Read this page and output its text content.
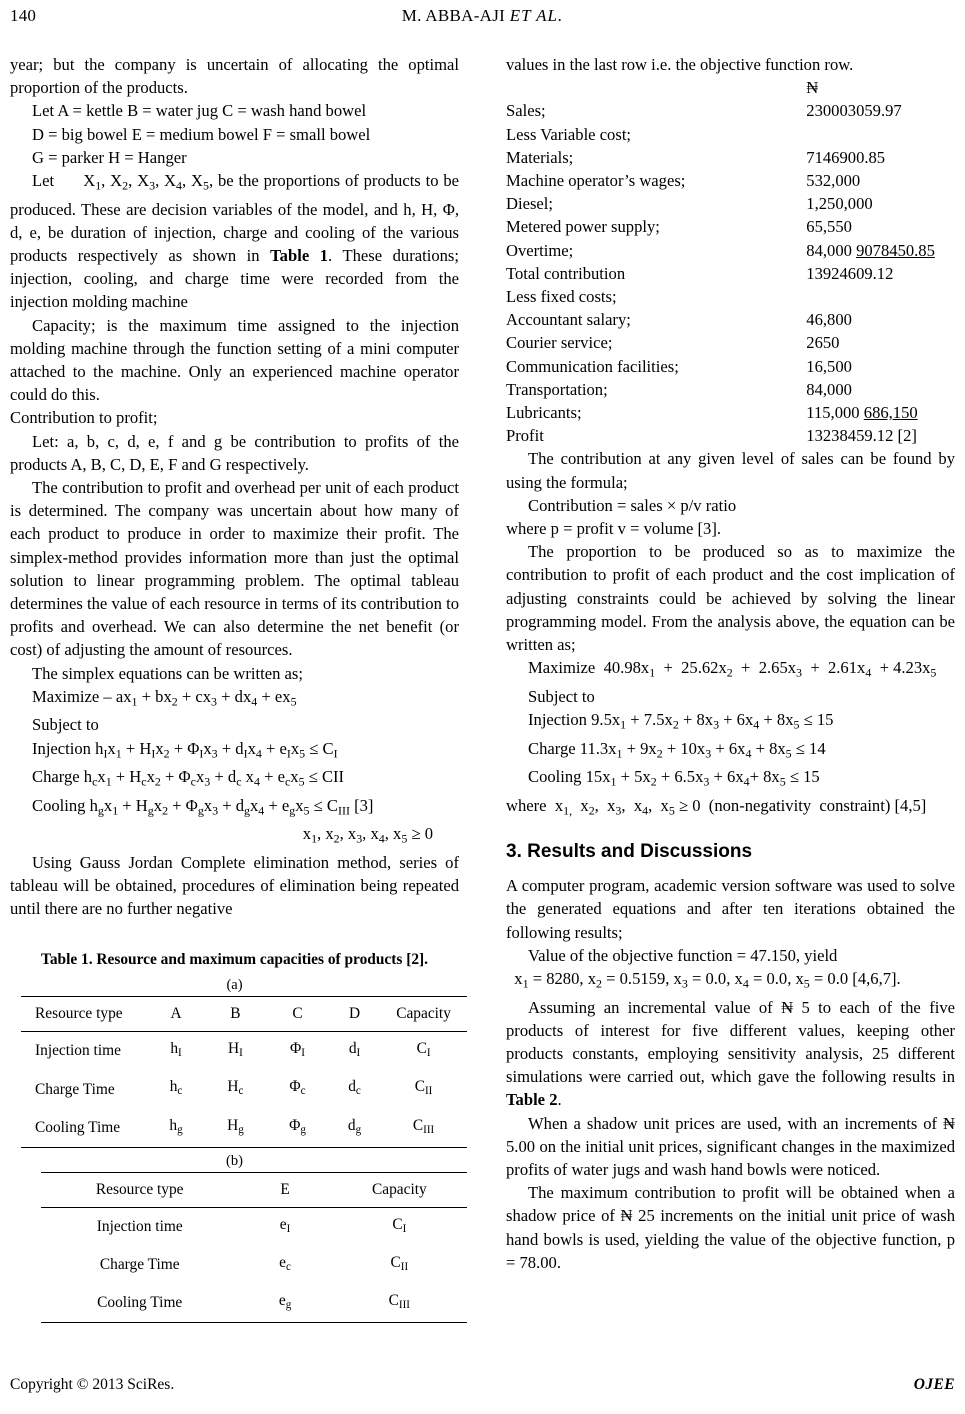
140	M. ABBA-AJI ET AL.

year; but the company is uncertain of allocating the optimal proportion of the products.

Let A = kettle B = water jug C = wash hand bowel

D = big bowel E = medium bowel F = small bowel

G = parker H = Hanger

Let $X_1$, $X_2$, $X_3$, $X_4$, $X_5$, be the proportions of products to be produced. These are decision variables of the model, and h, H, Φ, d, e, be duration of injection, charge and cooling of the various products respectively as shown in Table 1. These durations; injection, cooling, and charge time were recorded from the injection molding machine

Capacity; is the maximum time assigned to the injection molding machine through the function setting of a mini computer attached to the machine. Only an experienced machine operator could do this.

Contribution to profit;

Let: a, b, c, d, e, f and g be contribution to profits of the products A, B, C, D, E, F and G respectively.

The contribution to profit and overhead per unit of each product is determined. The company was uncertain about how many of each product to produce in order to maximize their profit. The simplex-method provides information more than just the optimal solution to linear programming problem. The optimal tableau determines the value of each resource in terms of its contribution to profits and overhead. We can also determine the net benefit (or cost) of adjusting the amount of resources.

The simplex equations can be written as;

Maximize – $ax_1 + bx_2 + cx_3 + dx_4 + ex_5$

Subject to

Injection $h_Ix_1 + H_Ix_2 + \Phi_Ix_3 + d_Ix_4 + e_Ix_5 \le C_I$

Charge $h_cx_1 + H_cx_2 + \Phi_cx_3 + d_c$ $x_4 + e_cx_5$ ≤ CII

Cooling $h_gx_1 + H_gx_2 + \Phi_gx_3 + d_gx_4 + e_gx_5 \le C_{III}$ [3]

$x_1$, $x_2$, $x_3$, $x_4$, $x_5 \ge 0$

Using Gauss Jordan Complete elimination method, series of tableau will be obtained, procedures of elimination being repeated until there are no further negative

Table 1. Resource and maximum capacities of products [2].
(a)
Resource type	A	B	C	D	Capacity
Injection time	$h_I$	$H_I$	$\Phi_I$	$d_I$	$C_I$
Charge Time	$h_c$	$H_c$	$\Phi_c$	$d_c$	$C_{II}$
Cooling Time	$h_g$	$H_g$	$\Phi_g$	$d_g$	$C_{III}$
(b)
Resource type	E	Capacity
Injection time	$e_I$	$C_I$
Charge Time	$e_c$	$C_{II}$
Cooling Time	$e_g$	$C_{III}$

values in the last row i.e. the objective function row.

	₦
Sales;	230003059.97
Less Variable cost;	
Materials;	7146900.85
Machine operator’s wages;	532,000
Diesel;	1,250,000
Metered power supply;	65,550
Overtime;	84,000 9078450.85
Total contribution	13924609.12
Less fixed costs;	
Accountant salary;	46,800
Courier service;	2650
Communication facilities;	16,500
Transportation;	84,000
Lubricants;	115,000 686,150
Profit	13238459.12 [2]

The contribution at any given level of sales can be found by using the formula;

Contribution = sales × p/v ratio

where p = profit v = volume [3].

The proportion to be produced so as to maximize the contribution to profit of each product and the cost implication of adjusting constraints could be achieved by solving the linear programming model. From the analysis above, the equation can be written as;

Maximize  $40.98x_1 + 25.62x_2 + 2.65x_3 + 2.61x_4 + 4.23x_5$

Subject to

Injection $9.5x_1 + 7.5x_2 + 8x_3 + 6x_4 + 8x_5 \le 15$

Charge $11.3x_1 + 9x_2 + 10x_3 + 6x_4 + 8x_5 \le 14$

Cooling $15x_1 + 5x_2 + 6.5x_3 + 6x_4+ 8x_5 \le 15$

where  $x_{1,}$  $x_2$,  $x_3$,  $x_4$,  $x_5 \ge 0$  (non-negativity  constraint) [4,5]

3. Results and Discussions

A computer program, academic version software was used to solve the generated equations and after ten iterations obtained the following results;

Value of the objective function = 47.150, yield

$x_1 = 8280$, $x_2 = 0.5159$, $x_3 = 0.0$, $x_4 = 0.0$, $x_5 = 0.0$ [4,6,7].

Assuming an incremental value of ₦ 5 to each of the five products of interest for five different values, keeping other products constants, employing sensitivity analysis, 25 different simulations were carried out, which gave the following results in Table 2.

When a shadow unit prices are used, with an increments of ₦ 5.00 on the initial unit prices, significant changes in the maximized profits of water jugs and wash hand bowls were noticed.

The maximum contribution to profit will be obtained when a shadow price of ₦ 25 increments on the initial unit price of wash hand bowls is used, yielding the value of the objective function, p = 78.00.

Copyright © 2013 SciRes.	OJEE
